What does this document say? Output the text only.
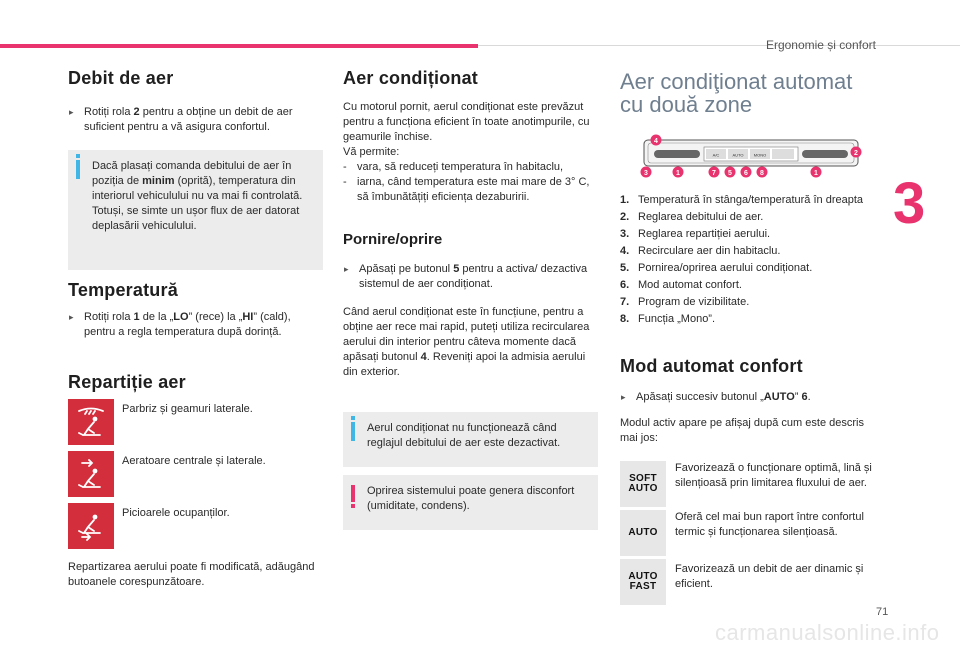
Ergonomie și confort
3
71
carmanualsonline.info
Debit de aer
▸ Rotiți rola 2 pentru a obține un debit de aer suficient pentru a vă asigura confortul.
Dacă plasați comanda debitului de aer în poziția de minim (oprită), temperatura din interiorul vehiculului nu va mai fi controlată. Totuși, se simte un ușor flux de aer datorat deplasării vehiculului.
Temperatură
▸ Rotiți rola 1 de la „LO” (rece) la „HI” (cald), pentru a regla temperatura după dorință.
Repartiție aer
Parbriz și geamuri laterale.
Aeratoare centrale și laterale.
Picioarele ocupanților.
Repartizarea aerului poate fi modificată, adăugând butoanele corespunzătoare.
Aer condiționat
Cu motorul pornit, aerul condiționat este prevăzut pentru a funcționa eficient în toate anotimpurile, cu geamurile închise.
Vă permite:
- vara, să reduceți temperatura în habitaclu,
- iarna, când temperatura este mai mare de 3° C, să îmbunătățiți eficiența dezaburirii.
Pornire/oprire
▸ Apăsați pe butonul 5 pentru a activa/ dezactiva sistemul de aer condiționat.
Când aerul condiționat este în funcțiune, pentru a obține aer rece mai rapid, puteți utiliza recircularea aerului din interior pentru câteva momente dacă apăsați butonul 4. Reveniți apoi la admisia aerului din exterior.
Aerul condiționat nu funcționează când reglajul debitului de aer este dezactivat.
Oprirea sistemului poate genera disconfort (umiditate, condens).
Aer condiţionat automat
cu două zone
A/C	AUTO	MONO
4
2
3	1	7 5 6 8	1
1. Temperatură în stânga/temperatură în dreapta
2. Reglarea debitului de aer.
3. Reglarea repartiției aerului.
4. Recirculare aer din habitaclu.
5. Pornirea/oprirea aerului condiționat.
6. Mod automat confort.
7. Program de vizibilitate.
8. Funcția „Mono”.
Mod automat confort
▸ Apăsați succesiv butonul „AUTO” 6.
Modul activ apare pe afișaj după cum este descris mai jos:
SOFT
AUTO
Favorizează o funcționare optimă, lină și silențioasă prin limitarea fluxului de aer.
AUTO
Oferă cel mai bun raport între confortul termic și funcționarea silențioasă.
AUTO
FAST
Favorizează un debit de aer dinamic și eficient.
